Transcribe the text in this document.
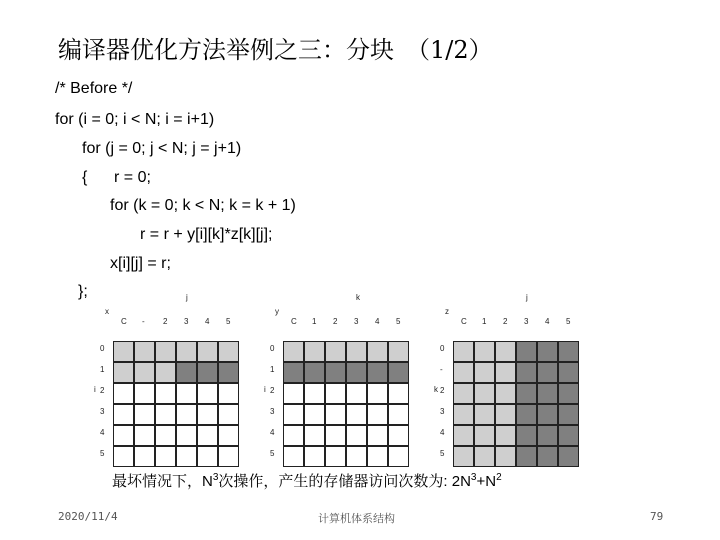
编译器优化方法举例之三：分块　（1/2）
/* Before */
for (i = 0; i < N; i = i+1)
for (j = 0; j < N; j = j+1)
{      r = 0;
for (k = 0; k < N; k = k + 1)
r = r + y[i][k]*z[k][j];
x[i][j] = r;
};
x
j
i
C - 2 3 4 5
0
1
2
3
4
5
y
k
i
C 1 2 3 4 5
0
1
2
3
4
5
z
j
k
C 1 2 3 4 5
0
-
2
3
4
5
最坏情况下，$N^3$次操作，产生的存储器访问次数为: $2N^3+N^2$
2020/11/4	计算机体系结构	79
